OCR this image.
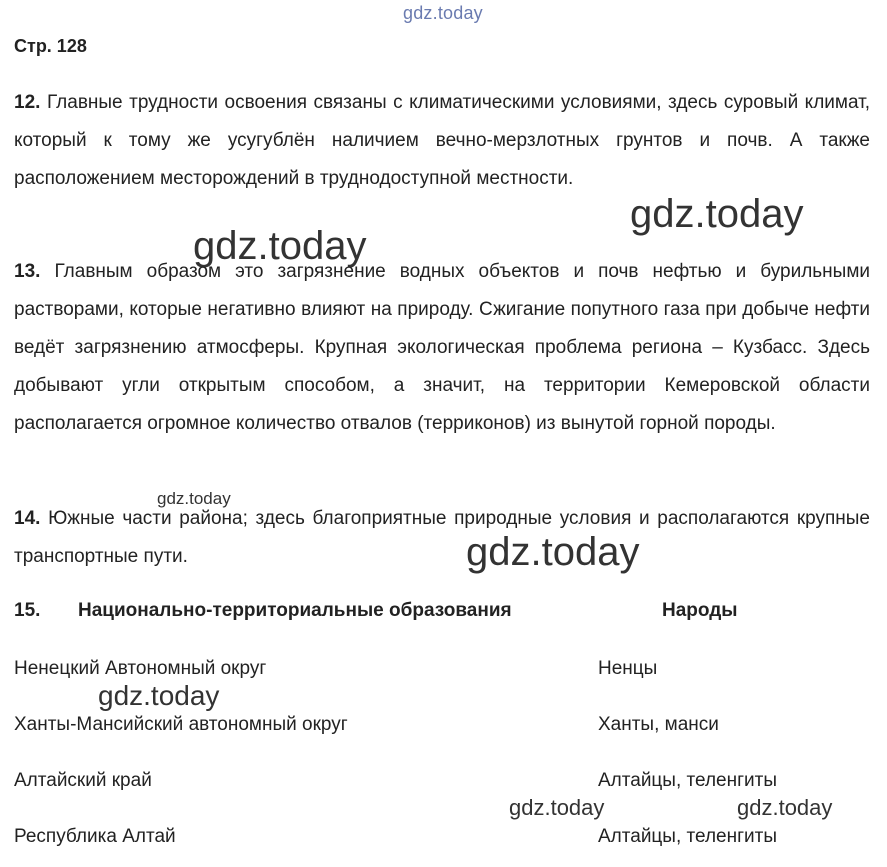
gdz.today
gdz.today
gdz.today
gdz.today
gdz.today
gdz.today
gdz.today	gdz.today
Стр. 128

12. Главные трудности освоения связаны с климатическими условиями, здесь суровый климат, который к тому же усугублён наличием вечно-мерзлотных грунтов и почв. А также расположением месторождений в труднодоступной местности.

13. Главным образом это загрязнение водных объектов и почв нефтью и бурильными растворами, которые негативно влияют на природу. Сжигание попутного газа при добыче нефти ведёт загрязнению атмосферы. Крупная экологическая проблема региона – Кузбасс. Здесь добывают угли открытым способом, а значит, на территории Кемеровской области располагается огромное количество отвалов (терриконов) из вынутой горной породы.

14. Южные части района; здесь благоприятные природные условия и располагаются крупные транспортные пути.

15. Национально-территориальные образования	Народы
Ненецкий Автономный округ	Ненцы
Ханты-Мансийский автономный округ	Ханты, манси
Алтайский край	Алтайцы, теленгиты
Республика Алтай	Алтайцы, теленгиты
